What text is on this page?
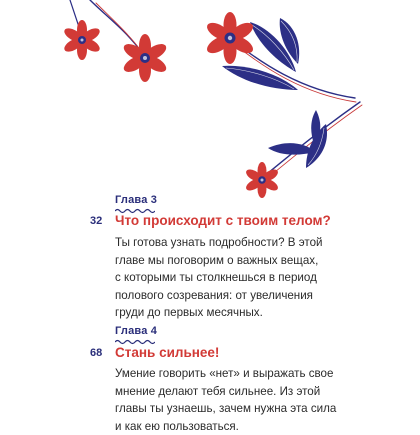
Глава 3
32 Что происходит с твоим телом?
Ты готова узнать подробности? В этой
главе мы поговорим о важных вещах,
с которыми ты столкнешься в период
полового созревания: от увеличения
груди до первых месячных.
Глава 4
68 Стань сильнее!
Умение говорить «нет» и выражать свое
мнение делают тебя сильнее. Из этой
главы ты узнаешь, зачем нужна эта сила
и как ею пользоваться.
